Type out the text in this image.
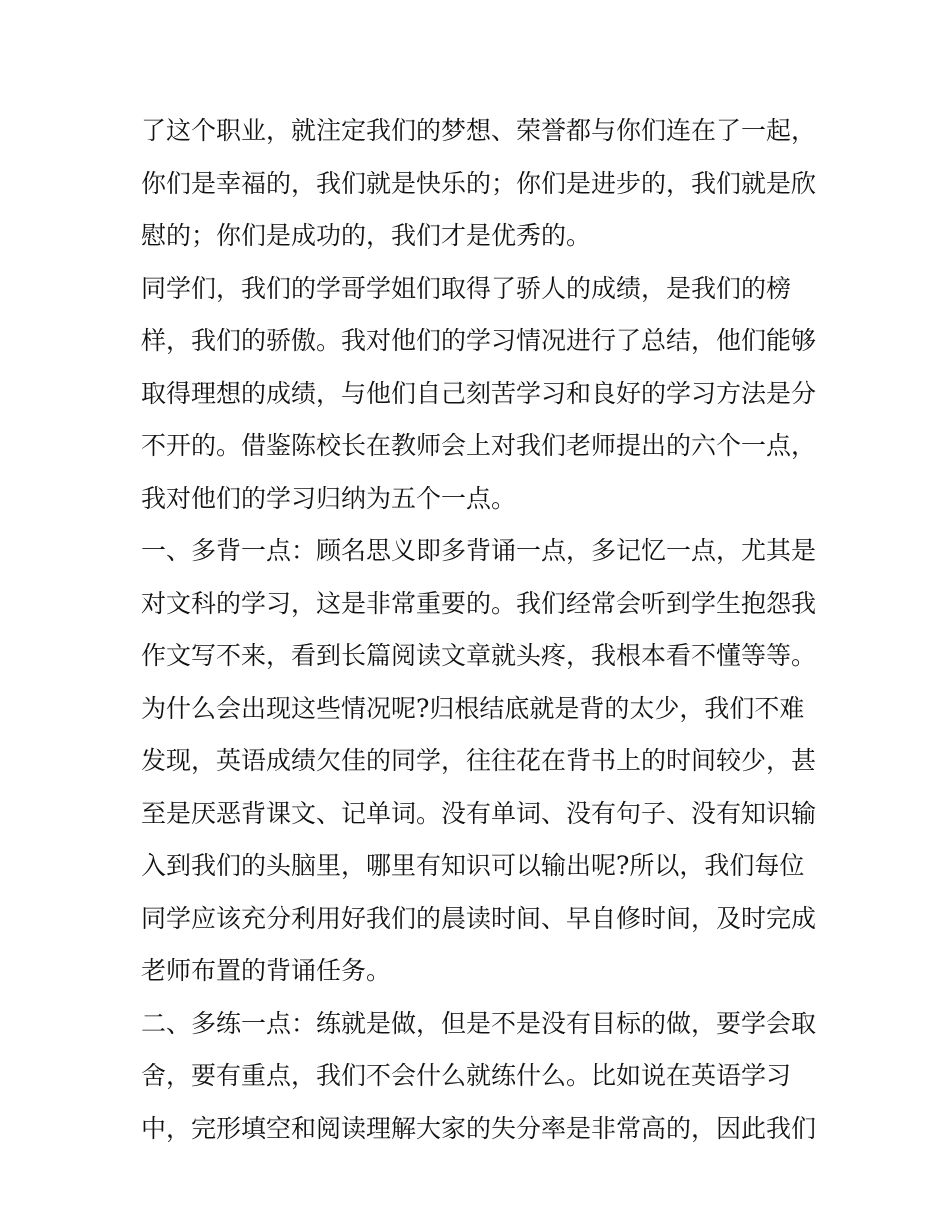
了这个职业，就注定我们的梦想、荣誉都与你们连在了一起，
你们是幸福的，我们就是快乐的；你们是进步的，我们就是欣
慰的；你们是成功的，我们才是优秀的。
同学们，我们的学哥学姐们取得了骄人的成绩，是我们的榜
样，我们的骄傲。我对他们的学习情况进行了总结，他们能够
取得理想的成绩，与他们自己刻苦学习和良好的学习方法是分
不开的。借鉴陈校长在教师会上对我们老师提出的六个一点，
我对他们的学习归纳为五个一点。
一、多背一点：顾名思义即多背诵一点，多记忆一点，尤其是
对文科的学习，这是非常重要的。我们经常会听到学生抱怨我
作文写不来，看到长篇阅读文章就头疼，我根本看不懂等等。
为什么会出现这些情况呢?归根结底就是背的太少，我们不难
发现，英语成绩欠佳的同学，往往花在背书上的时间较少，甚
至是厌恶背课文、记单词。没有单词、没有句子、没有知识输
入到我们的头脑里，哪里有知识可以输出呢?所以，我们每位
同学应该充分利用好我们的晨读时间、早自修时间，及时完成
老师布置的背诵任务。
二、多练一点：练就是做，但是不是没有目标的做，要学会取
舍，要有重点，我们不会什么就练什么。比如说在英语学习
中，完形填空和阅读理解大家的失分率是非常高的，因此我们
